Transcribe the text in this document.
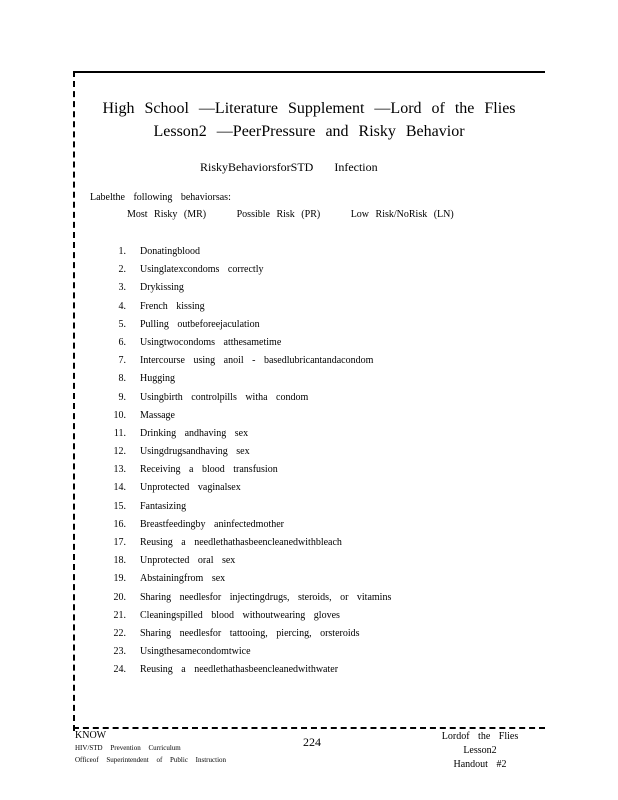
High School —Literature Supplement —Lord of the Flies
Lesson2 —PeerPressure and Risky Behavior
RiskyBehaviorsforSTD Infection
Labelthe following behaviorsas:
Most Risky (MR)	Possible Risk (PR)	Low Risk/NoRisk (LN)
1. Donatingblood
2. Usinglatexcondoms correctly
3. Drykissing
4. French kissing
5. Pulling outbeforeejaculation
6. Usingtwocondoms atthesametime
7. Intercourse using anoil - basedlubricantandacondom
8. Hugging
9. Usingbirth controlpills witha condom
10. Massage
11. Drinking andhaving sex
12. Usingdrugsandhaving sex
13. Receiving a blood transfusion
14. Unprotected vaginalsex
15. Fantasizing
16. Breastfeedingby aninfectedmother
17. Reusing a needlethathasbeencleanedwithbleach
18. Unprotected oral sex
19. Abstainingfrom sex
20. Sharing needlesfor injectingdrugs, steroids, or vitamins
21. Cleaningspilled blood withoutwearing gloves
22. Sharing needlesfor tattooing, piercing, orsteroids
23. Usingthesamecondomtwice
24. Reusing a needlethathasbeencleanedwithwater
KNOW
HIV/STD Prevention Curriculum
Officeof Superintendent of Public Instruction
224	Lordof the Flies
Lesson2
Handout #2
